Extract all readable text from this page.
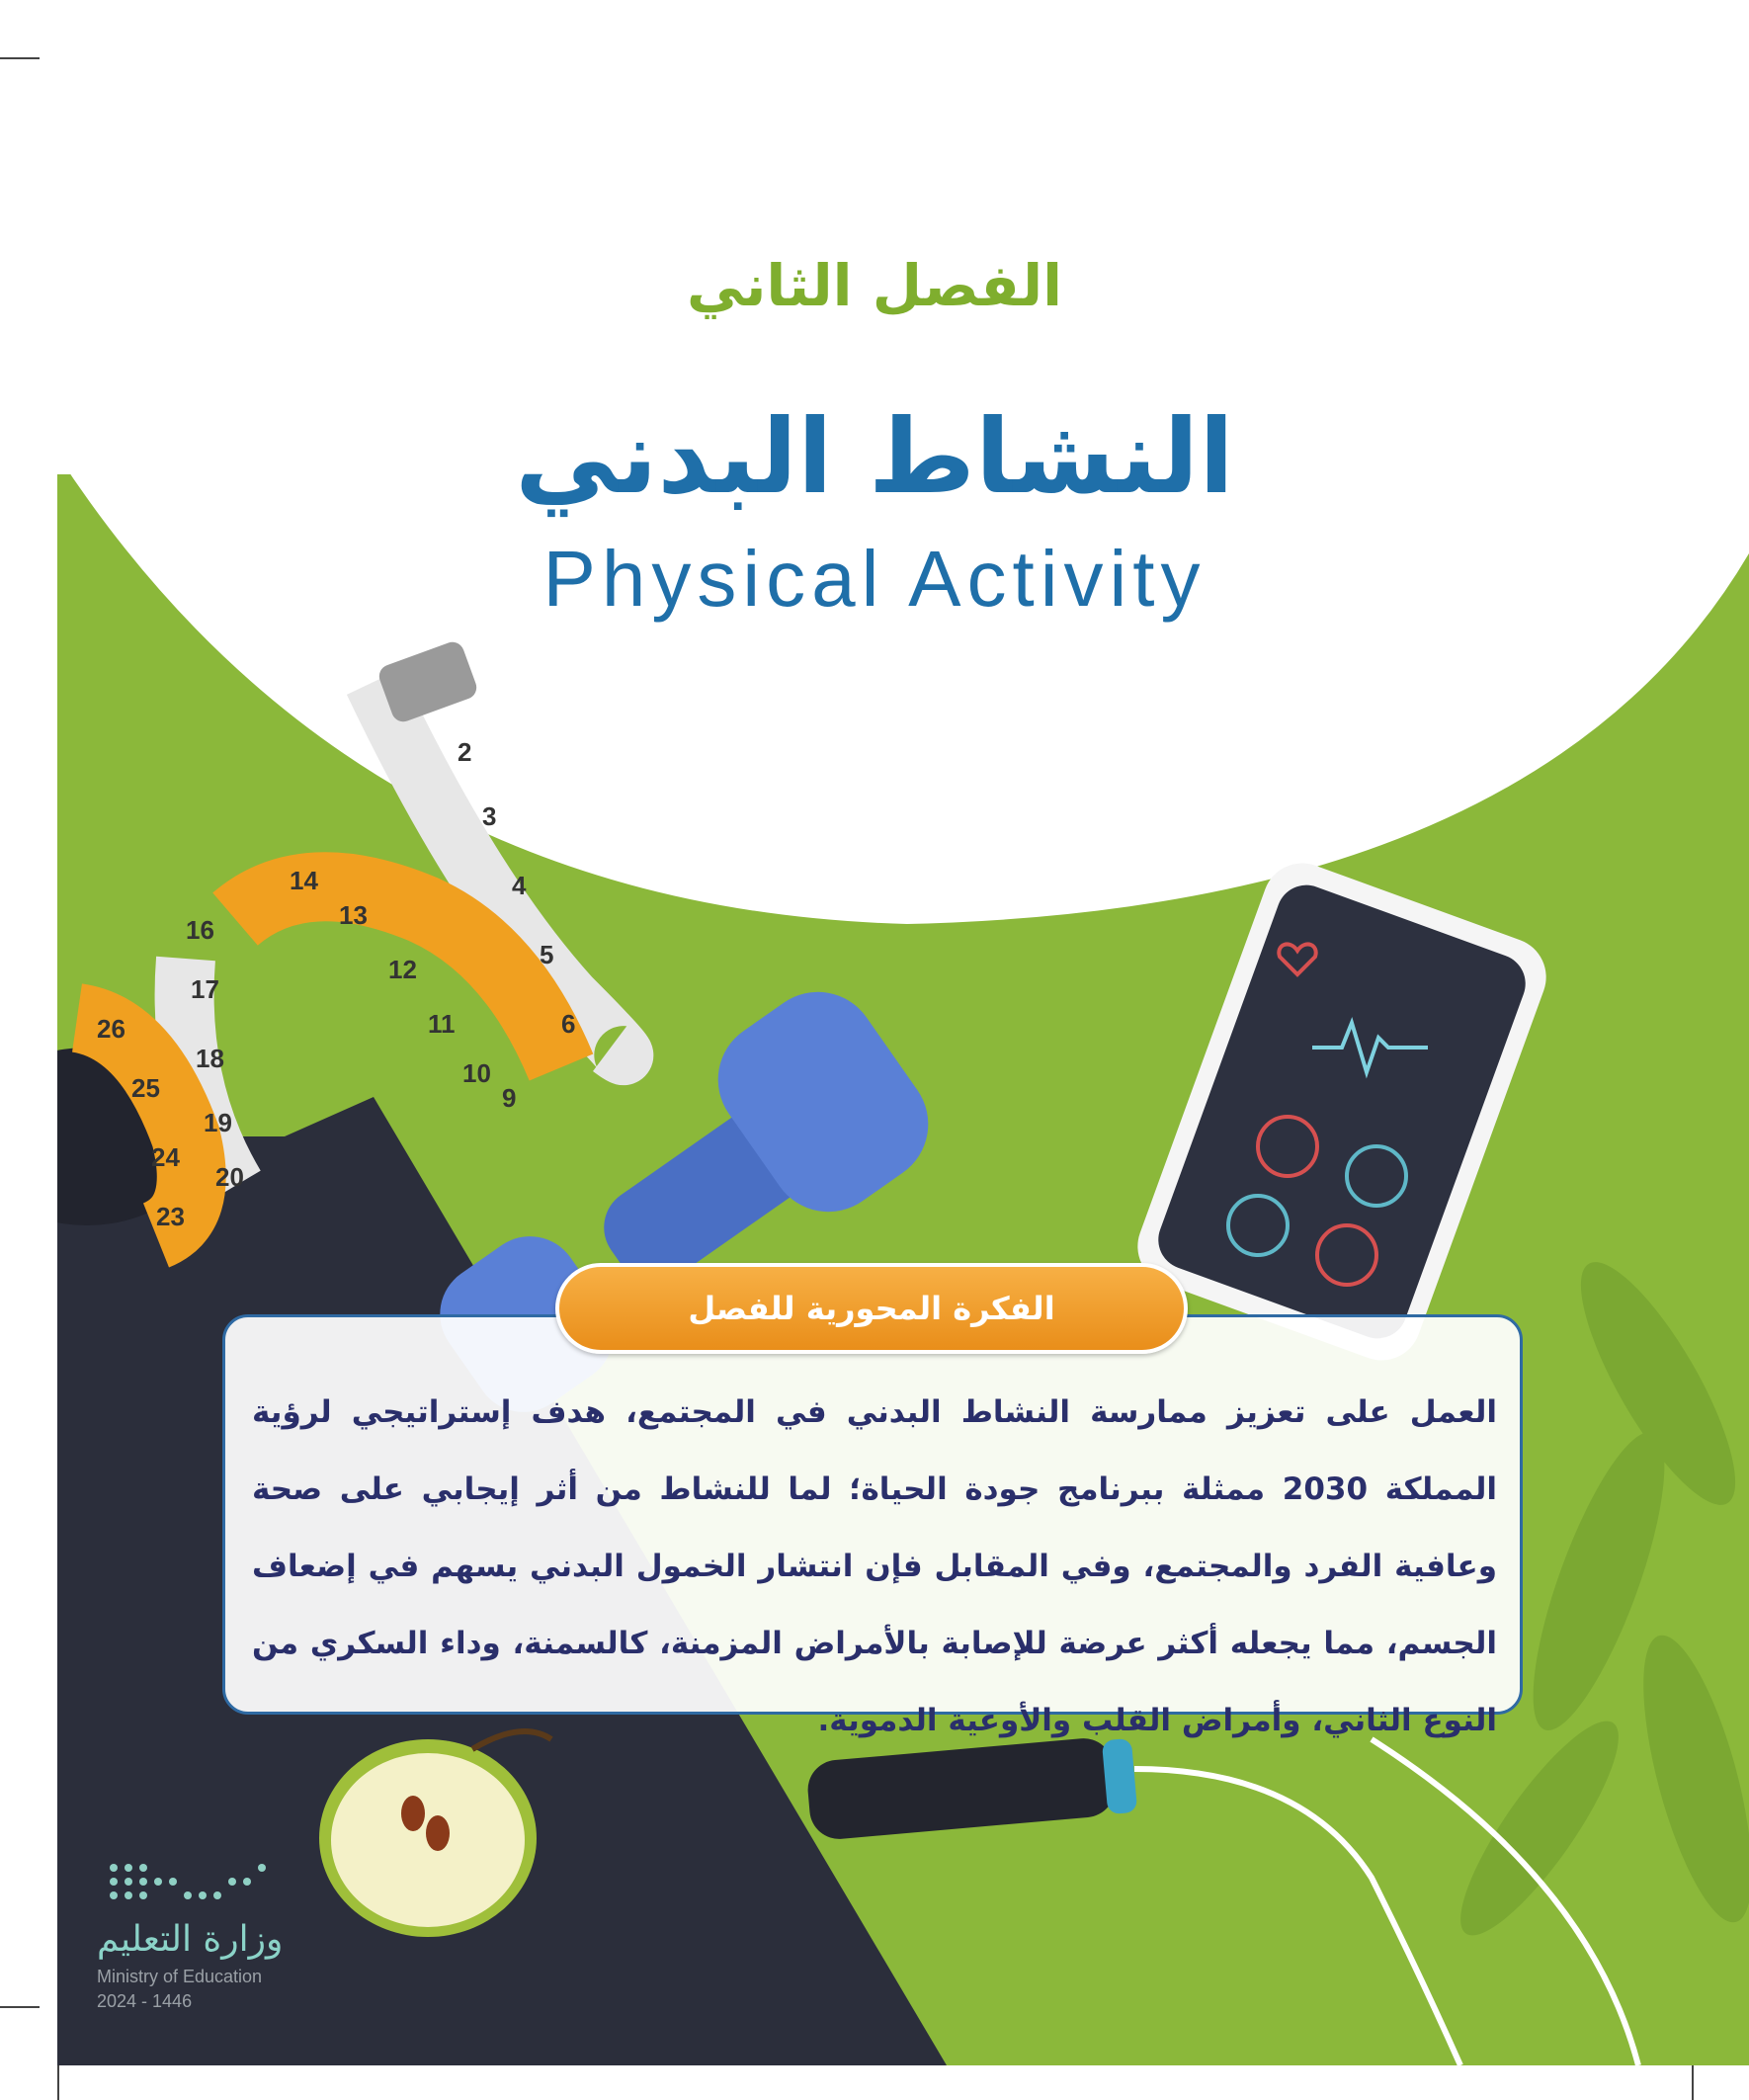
2
3
4
5
6
16
17
18
19
20
14
13
12
11
10
9
26
25
24
23
الفصل الثاني
النشاط البدني
Physical Activity
الفكرة المحورية للفصل
العمل على تعزيز ممارسة النشاط البدني في المجتمع، هدف إستراتيجي لرؤية المملكة 2030 ممثلة ببرنامج جودة الحياة؛ لما للنشاط من أثر إيجابي على صحة وعافية الفرد والمجتمع، وفي المقابل فإن انتشار الخمول البدني يسهم في إضعاف الجسم، مما يجعله أكثر عرضة للإصابة بالأمراض المزمنة، كالسمنة، وداء السكري من النوع الثاني، وأمراض القلب والأوعية الدموية.
وزارة التعليم
Ministry of Education
2024 - 1446
